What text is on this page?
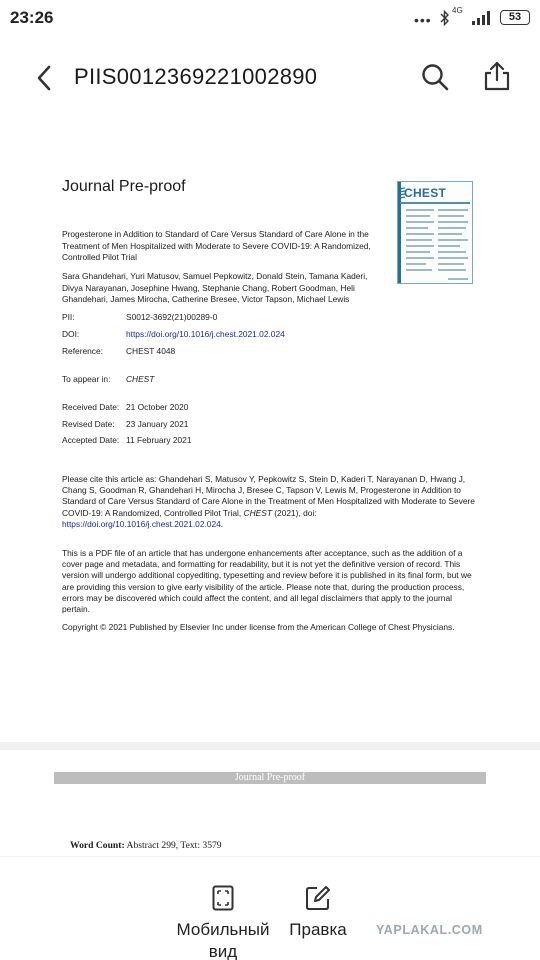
23:26	•••
4G
53
PIIS0012369221002890
Journal Pre-proof	CHEST
Progesterone in Addition to Standard of Care Versus Standard of Care Alone in the Treatment of Men Hospitalized with Moderate to Severe COVID-19: A Randomized, Controlled Pilot Trial
Sara Ghandehari, Yuri Matusov, Samuel Pepkowitz, Donald Stein, Tamana Kaderi, Divya Narayanan, Josephine Hwang, Stephanie Chang, Robert Goodman, Heli Ghandehari, James Mirocha, Catherine Bresee, Victor Tapson, Michael Lewis
PII:	S0012-3692(21)00289-0
DOI:	https://doi.org/10.1016/j.chest.2021.02.024
Reference:	CHEST 4048
To appear in: CHEST
Received Date: 21 October 2020
Revised Date: 23 January 2021
Accepted Date: 11 February 2021
Please cite this article as: Ghandehari S, Matusov Y, Pepkowitz S, Stein D, Kaderi T, Narayanan D, Hwang J, Chang S, Goodman R, Ghandehari H, Mirocha J, Bresee C, Tapson V, Lewis M, Progesterone in Addition to Standard of Care Versus Standard of Care Alone in the Treatment of Men Hospitalized with Moderate to Severe COVID-19: A Randomized, Controlled Pilot Trial, CHEST (2021), doi: https://doi.org/10.1016/j.chest.2021.02.024.
This is a PDF file of an article that has undergone enhancements after acceptance, such as the addition of a cover page and metadata, and formatting for readability, but it is not yet the definitive version of record. This version will undergo additional copyediting, typesetting and review before it is published in its final form, but we are providing this version to give early visibility of the article. Please note that, during the production process, errors may be discovered which could affect the content, and all legal disclaimers that apply to the journal pertain.
Copyright © 2021 Published by Elsevier Inc under license from the American College of Chest Physicians.
Journal Pre-proof
Word Count: Abstract 299, Text: 3579
Мобильный
вид
Правка	YAPLAKAL.COM
